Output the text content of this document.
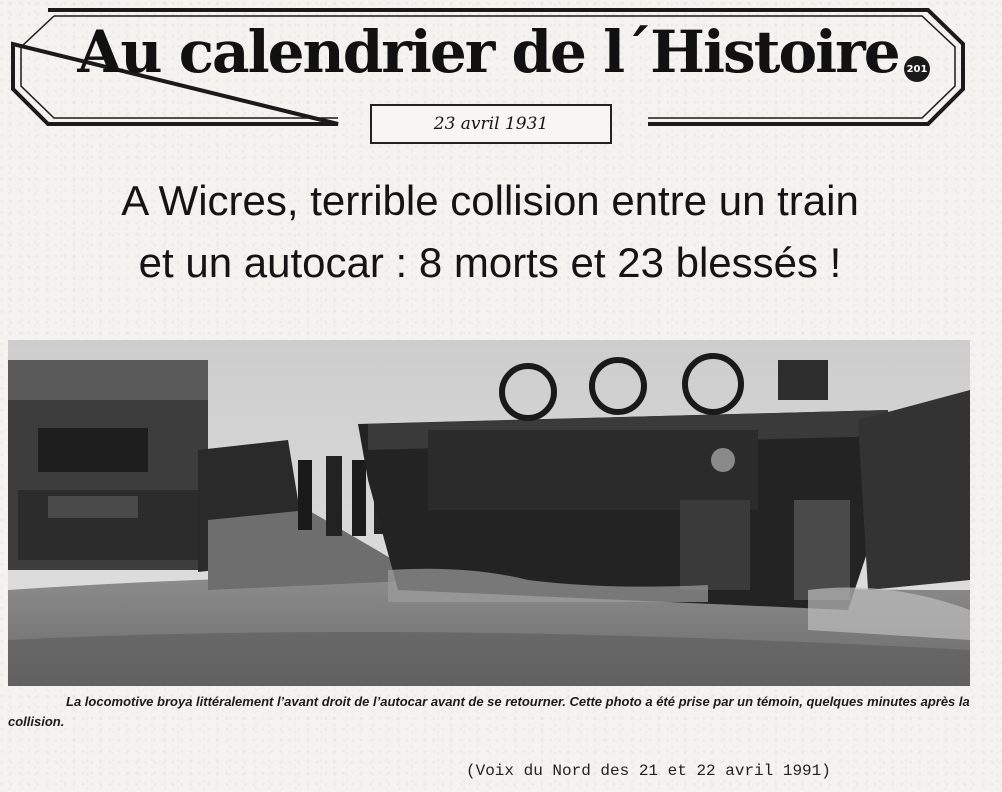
Au calendrier de l´Histoire 201
23 avril 1931
A Wicres, terrible collision entre un train
et un autocar : 8 morts et 23 blessés !
La locomotive broya littéralement l’avant droit de l’autocar avant de se retourner. Cette photo a été prise par un témoin, quelques minutes après la collision.
(Voix du Nord des 21 et 22 avril 1991)
